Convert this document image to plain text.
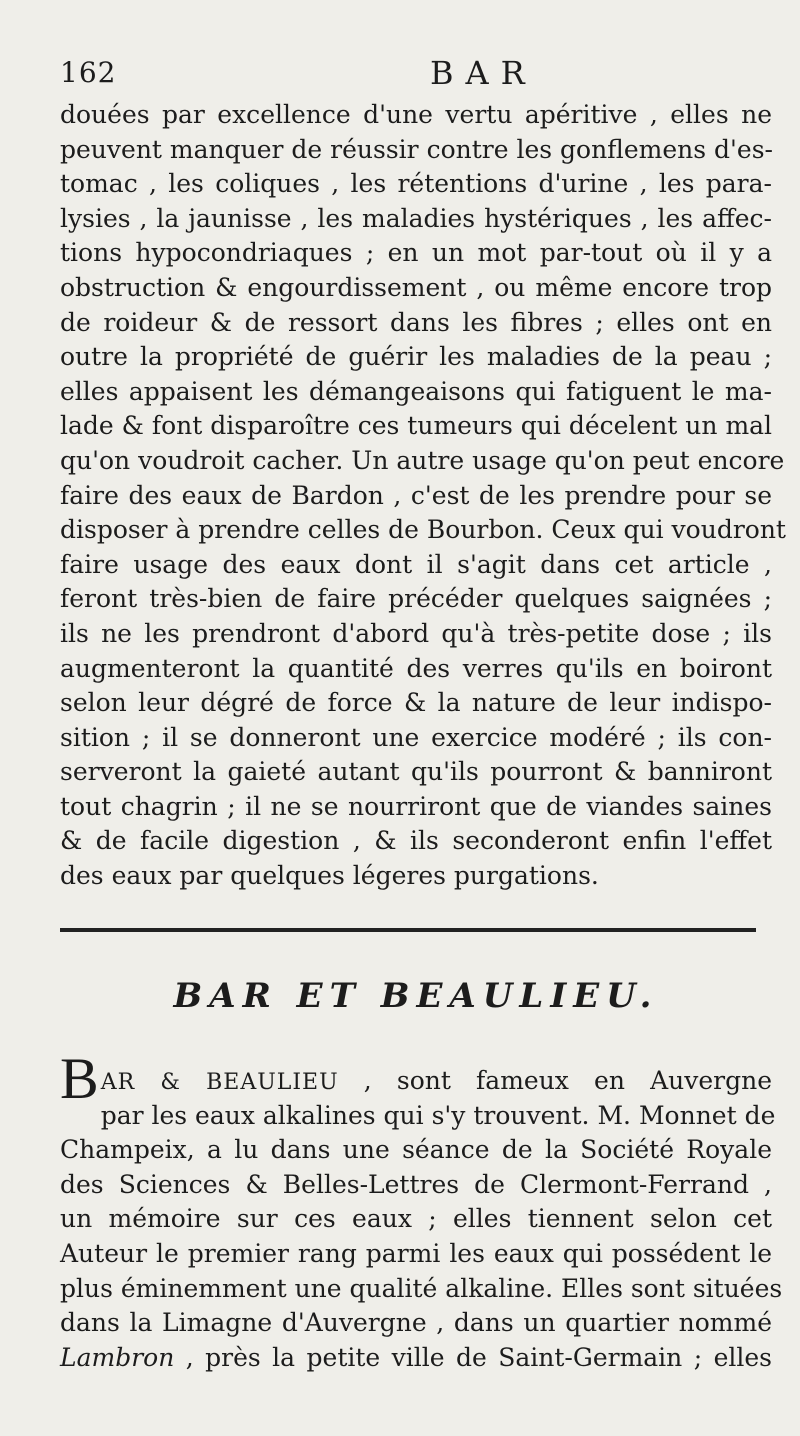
162	BAR
douées par excellence d'une vertu apéritive , elles ne
peuvent manquer de réussir contre les gonflemens d'es-
tomac , les coliques , les rétentions d'urine , les para-
lysies , la jaunisse , les maladies hystériques , les affec-
tions hypocondriaques ; en un mot par-tout où il y a
obstruction & engourdissement , ou même encore trop
de roideur & de ressort dans les fibres ; elles ont en
outre la propriété de guérir les maladies de la peau ;
elles appaisent les démangeaisons qui fatiguent le ma-
lade & font disparoître ces tumeurs qui décelent un mal
qu'on voudroit cacher. Un autre usage qu'on peut encore
faire des eaux de Bardon , c'est de les prendre pour se
disposer à prendre celles de Bourbon. Ceux qui voudront
faire usage des eaux dont il s'agit dans cet article ,
feront très-bien de faire précéder quelques saignées ;
ils ne les prendront d'abord qu'à très-petite dose ; ils
augmenteront la quantité des verres qu'ils en boiront
selon leur dégré de force & la nature de leur indispo-
sition ; il se donneront une exercice modéré ; ils con-
serveront la gaieté autant qu'ils pourront & banniront
tout chagrin ; il ne se nourriront que de viandes saines
& de facile digestion , & ils seconderont enfin l'effet
des eaux par quelques légeres purgations.
BAR ET BEAULIEU.
B AR & BEAULIEU , sont fameux en Auvergne
par les eaux alkalines qui s'y trouvent. M. Monnet de
Champeix, a lu dans une séance de la Société Royale
des Sciences & Belles-Lettres de Clermont-Ferrand ,
un mémoire sur ces eaux ; elles tiennent selon cet
Auteur le premier rang parmi les eaux qui possédent le
plus éminemment une qualité alkaline. Elles sont situées
dans la Limagne d'Auvergne , dans un quartier nommé
Lambron , près la petite ville de Saint-Germain ; elles
